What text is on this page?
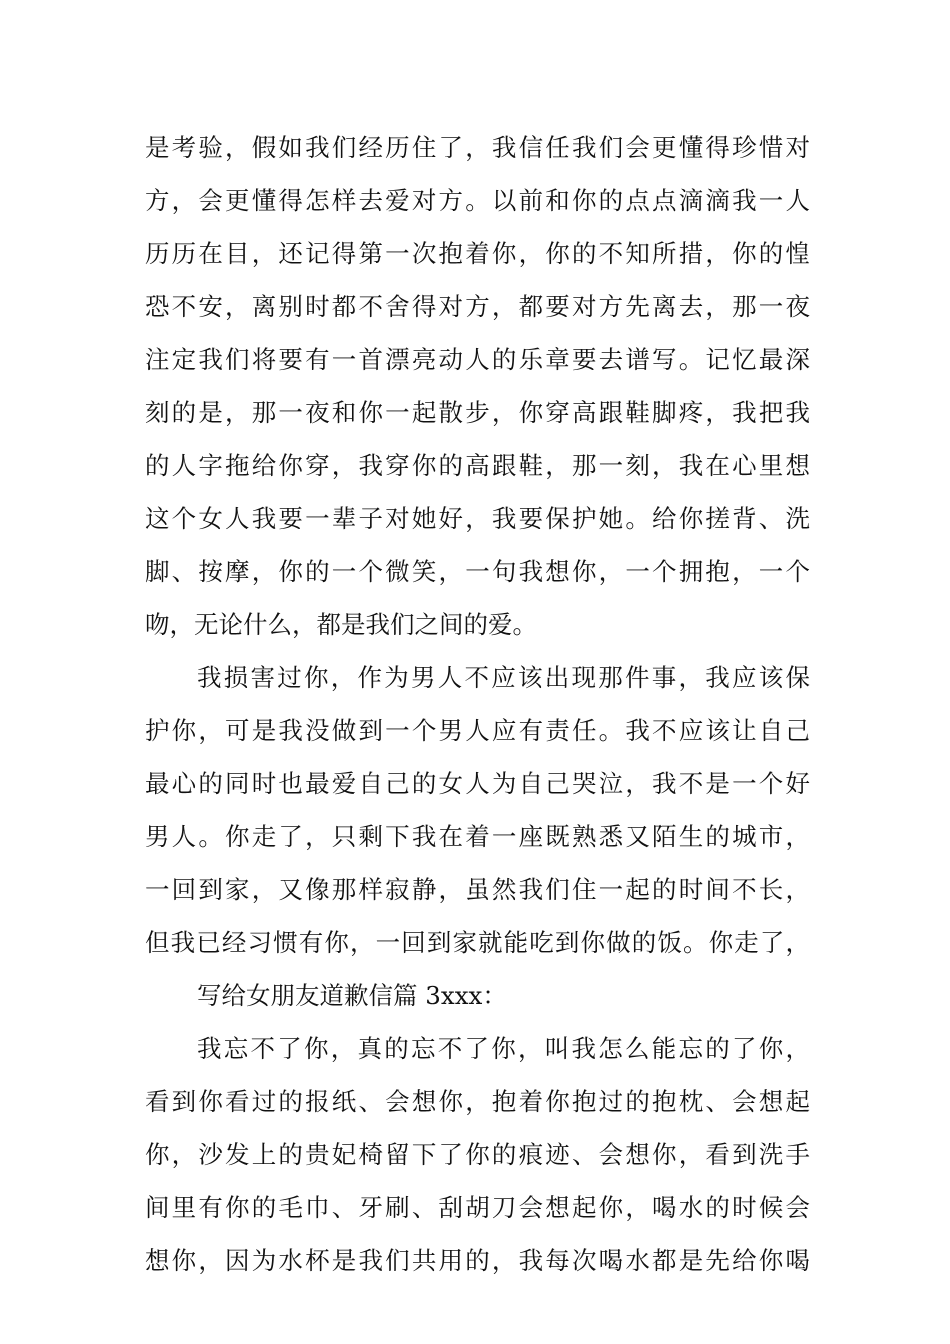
是考验，假如我们经历住了，我信任我们会更懂得珍惜对
方，会更懂得怎样去爱对方。以前和你的点点滴滴我一人
历历在目，还记得第一次抱着你，你的不知所措，你的惶
恐不安，离别时都不舍得对方，都要对方先离去，那一夜
注定我们将要有一首漂亮动人的乐章要去谱写。记忆最深
刻的是，那一夜和你一起散步，你穿高跟鞋脚疼，我把我
的人字拖给你穿，我穿你的高跟鞋，那一刻，我在心里想
这个女人我要一辈子对她好，我要保护她。给你搓背、洗
脚、按摩，你的一个微笑，一句我想你，一个拥抱，一个
吻，无论什么，都是我们之间的爱。
我损害过你，作为男人不应该出现那件事，我应该保
护你，可是我没做到一个男人应有责任。我不应该让自己
最心的同时也最爱自己的女人为自己哭泣，我不是一个好
男人。你走了，只剩下我在着一座既熟悉又陌生的城市，
一回到家，又像那样寂静，虽然我们住一起的时间不长，
但我已经习惯有你，一回到家就能吃到你做的饭。你走了，
写给女朋友道歉信篇 3xxx：
我忘不了你，真的忘不了你，叫我怎么能忘的了你，
看到你看过的报纸、会想你，抱着你抱过的抱枕、会想起
你，沙发上的贵妃椅留下了你的痕迹、会想你，看到洗手
间里有你的毛巾、牙刷、刮胡刀会想起你，喝水的时候会
想你，因为水杯是我们共用的，我每次喝水都是先给你喝
